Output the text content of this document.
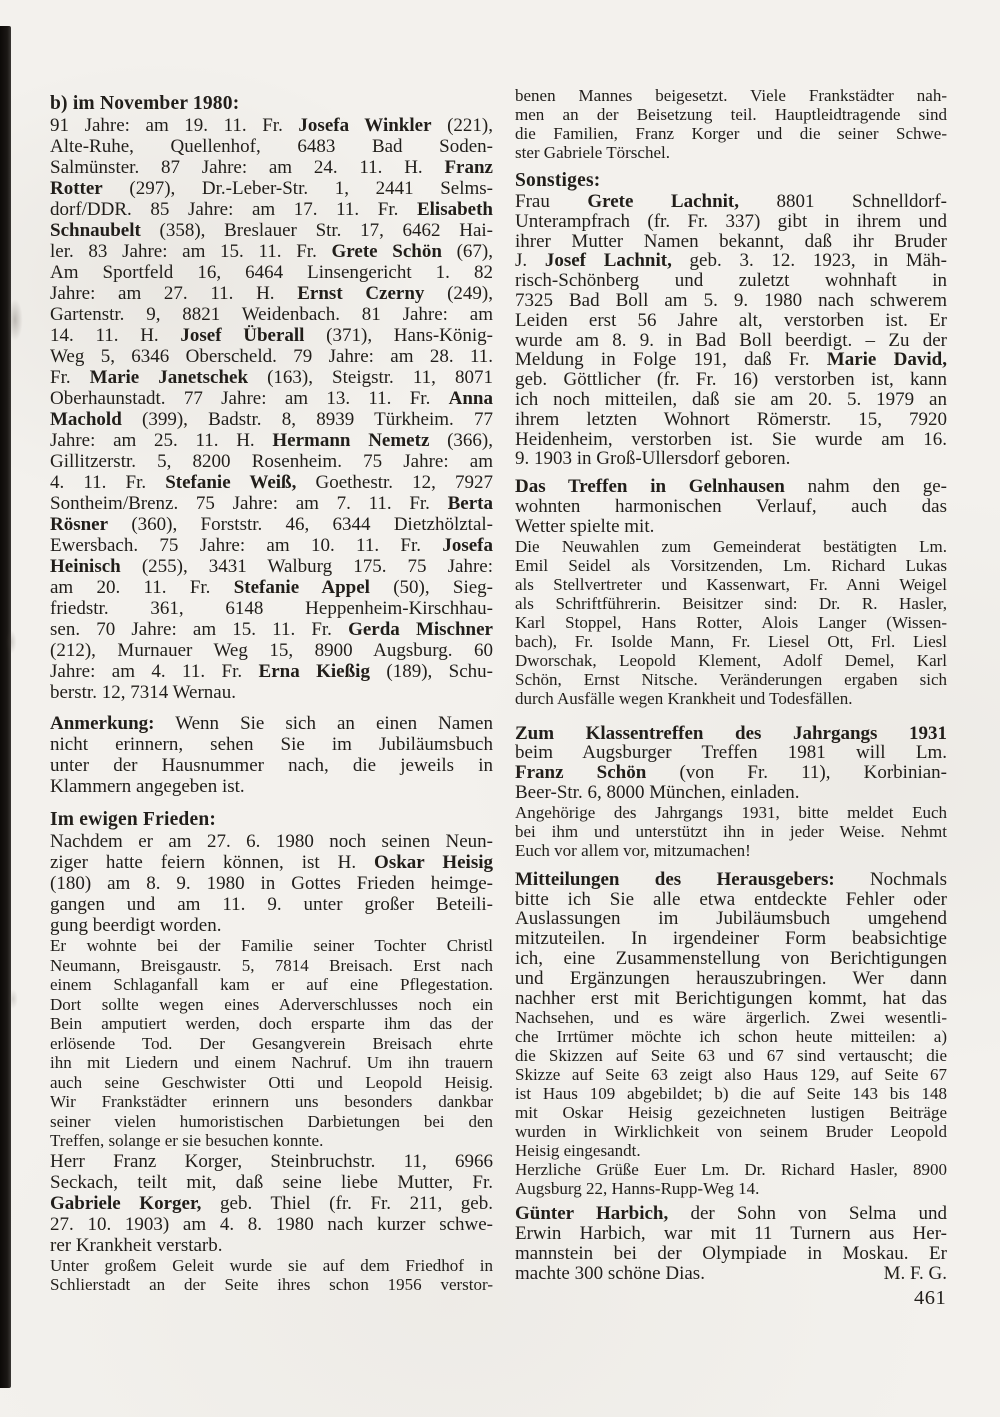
b) im November 1980:
91 Jahre: am 19. 11. Fr. Josefa Winkler (221),
Alte-Ruhe, Quellenhof, 6483 Bad Soden-
Salmünster. 87 Jahre: am 24. 11. H. Franz
Rotter (297), Dr.-Leber-Str. 1, 2441 Selms-
dorf/DDR. 85 Jahre: am 17. 11. Fr. Elisabeth
Schnaubelt (358), Breslauer Str. 17, 6462 Hai-
ler. 83 Jahre: am 15. 11. Fr. Grete Schön (67),
Am Sportfeld 16, 6464 Linsengericht 1. 82
Jahre: am 27. 11. H. Ernst Czerny (249),
Gartenstr. 9, 8821 Weidenbach. 81 Jahre: am
14. 11. H. Josef Überall (371), Hans-König-
Weg 5, 6346 Oberscheld. 79 Jahre: am 28. 11.
Fr. Marie Janetschek (163), Steigstr. 11, 8071
Oberhaunstadt. 77 Jahre: am 13. 11. Fr. Anna
Machold (399), Badstr. 8, 8939 Türkheim. 77
Jahre: am 25. 11. H. Hermann Nemetz (366),
Gillitzerstr. 5, 8200 Rosenheim. 75 Jahre: am
4. 11. Fr. Stefanie Weiß, Goethestr. 12, 7927
Sontheim/Brenz. 75 Jahre: am 7. 11. Fr. Berta
Rösner (360), Forststr. 46, 6344 Dietzhölztal-
Ewersbach. 75 Jahre: am 10. 11. Fr. Josefa
Heinisch (255), 3431 Walburg 175. 75 Jahre:
am 20. 11. Fr. Stefanie Appel (50), Sieg-
friedstr. 361, 6148 Heppenheim-Kirschhau-
sen. 70 Jahre: am 15. 11. Fr. Gerda Mischner
(212), Murnauer Weg 15, 8900 Augsburg. 60
Jahre: am 4. 11. Fr. Erna Kießig (189), Schu-
berstr. 12, 7314 Wernau.
Anmerkung: Wenn Sie sich an einen Namen
nicht erinnern, sehen Sie im Jubiläumsbuch
unter der Hausnummer nach, die jeweils in
Klammern angegeben ist.
Im ewigen Frieden:
Nachdem er am 27. 6. 1980 noch seinen Neun-
ziger hatte feiern können, ist H. Oskar Heisig
(180) am 8. 9. 1980 in Gottes Frieden heimge-
gangen und am 11. 9. unter großer Beteili-
gung beerdigt worden.
Er wohnte bei der Familie seiner Tochter Christl
Neumann, Breisgaustr. 5, 7814 Breisach. Erst nach
einem Schlaganfall kam er auf eine Pflegestation.
Dort sollte wegen eines Aderverschlusses noch ein
Bein amputiert werden, doch ersparte ihm das der
erlösende Tod. Der Gesangverein Breisach ehrte
ihn mit Liedern und einem Nachruf. Um ihn trauern
auch seine Geschwister Otti und Leopold Heisig.
Wir Frankstädter erinnern uns besonders dankbar
seiner vielen humoristischen Darbietungen bei den
Treffen, solange er sie besuchen konnte.
Herr Franz Korger, Steinbruchstr. 11, 6966
Seckach, teilt mit, daß seine liebe Mutter, Fr.
Gabriele Korger, geb. Thiel (fr. Fr. 211, geb.
27. 10. 1903) am 4. 8. 1980 nach kurzer schwe-
rer Krankheit verstarb.
Unter großem Geleit wurde sie auf dem Friedhof in
Schlierstadt an der Seite ihres schon 1956 verstor-
benen Mannes beigesetzt. Viele Frankstädter nah-
men an der Beisetzung teil. Hauptleidtragende sind
die Familien, Franz Korger und die seiner Schwe-
ster Gabriele Törschel.
Sonstiges:
Frau Grete Lachnit, 8801 Schnelldorf-
Unterampfrach (fr. Fr. 337) gibt in ihrem und
ihrer Mutter Namen bekannt, daß ihr Bruder
J. Josef Lachnit, geb. 3. 12. 1923, in Mäh-
risch-Schönberg und zuletzt wohnhaft in
7325 Bad Boll am 5. 9. 1980 nach schwerem
Leiden erst 56 Jahre alt, verstorben ist. Er
wurde am 8. 9. in Bad Boll beerdigt. – Zu der
Meldung in Folge 191, daß Fr. Marie David,
geb. Göttlicher (fr. Fr. 16) verstorben ist, kann
ich noch mitteilen, daß sie am 20. 5. 1979 an
ihrem letzten Wohnort Römerstr. 15, 7920
Heidenheim, verstorben ist. Sie wurde am 16.
9. 1903 in Groß-Ullersdorf geboren.
Das Treffen in Gelnhausen nahm den ge-
wohnten harmonischen Verlauf, auch das
Wetter spielte mit.
Die Neuwahlen zum Gemeinderat bestätigten Lm.
Emil Seidel als Vorsitzenden, Lm. Richard Lukas
als Stellvertreter und Kassenwart, Fr. Anni Weigel
als Schriftführerin. Beisitzer sind: Dr. R. Hasler,
Karl Stoppel, Hans Rotter, Alois Langer (Wissen-
bach), Fr. Isolde Mann, Fr. Liesel Ott, Frl. Liesl
Dworschak, Leopold Klement, Adolf Demel, Karl
Schön, Ernst Nitsche. Veränderungen ergaben sich
durch Ausfälle wegen Krankheit und Todesfällen.
Zum Klassentreffen des Jahrgangs 1931
beim Augsburger Treffen 1981 will Lm.
Franz Schön (von Fr. 11), Korbinian-
Beer-Str. 6, 8000 München, einladen.
Angehörige des Jahrgangs 1931, bitte meldet Euch
bei ihm und unterstützt ihn in jeder Weise. Nehmt
Euch vor allem vor, mitzumachen!
Mitteilungen des Herausgebers: Nochmals
bitte ich Sie alle etwa entdeckte Fehler oder
Auslassungen im Jubiläumsbuch umgehend
mitzuteilen. In irgendeiner Form beabsichtige
ich, eine Zusammenstellung von Berichtigungen
und Ergänzungen herauszubringen. Wer dann
nachher erst mit Berichtigungen kommt, hat das
Nachsehen, und es wäre ärgerlich. Zwei wesentli-
che Irrtümer möchte ich schon heute mitteilen: a)
die Skizzen auf Seite 63 und 67 sind vertauscht; die
Skizze auf Seite 63 zeigt also Haus 129, auf Seite 67
ist Haus 109 abgebildet; b) die auf Seite 143 bis 148
mit Oskar Heisig gezeichneten lustigen Beiträge
wurden in Wirklichkeit von seinem Bruder Leopold
Heisig eingesandt.
Herzliche Grüße Euer Lm. Dr. Richard Hasler, 8900
Augsburg 22, Hanns-Rupp-Weg 14.
Günter Harbich, der Sohn von Selma und
Erwin Harbich, war mit 11 Turnern aus Her-
mannstein bei der Olympiade in Moskau. Er
M. F. G.
machte 300 schöne Dias.
461
